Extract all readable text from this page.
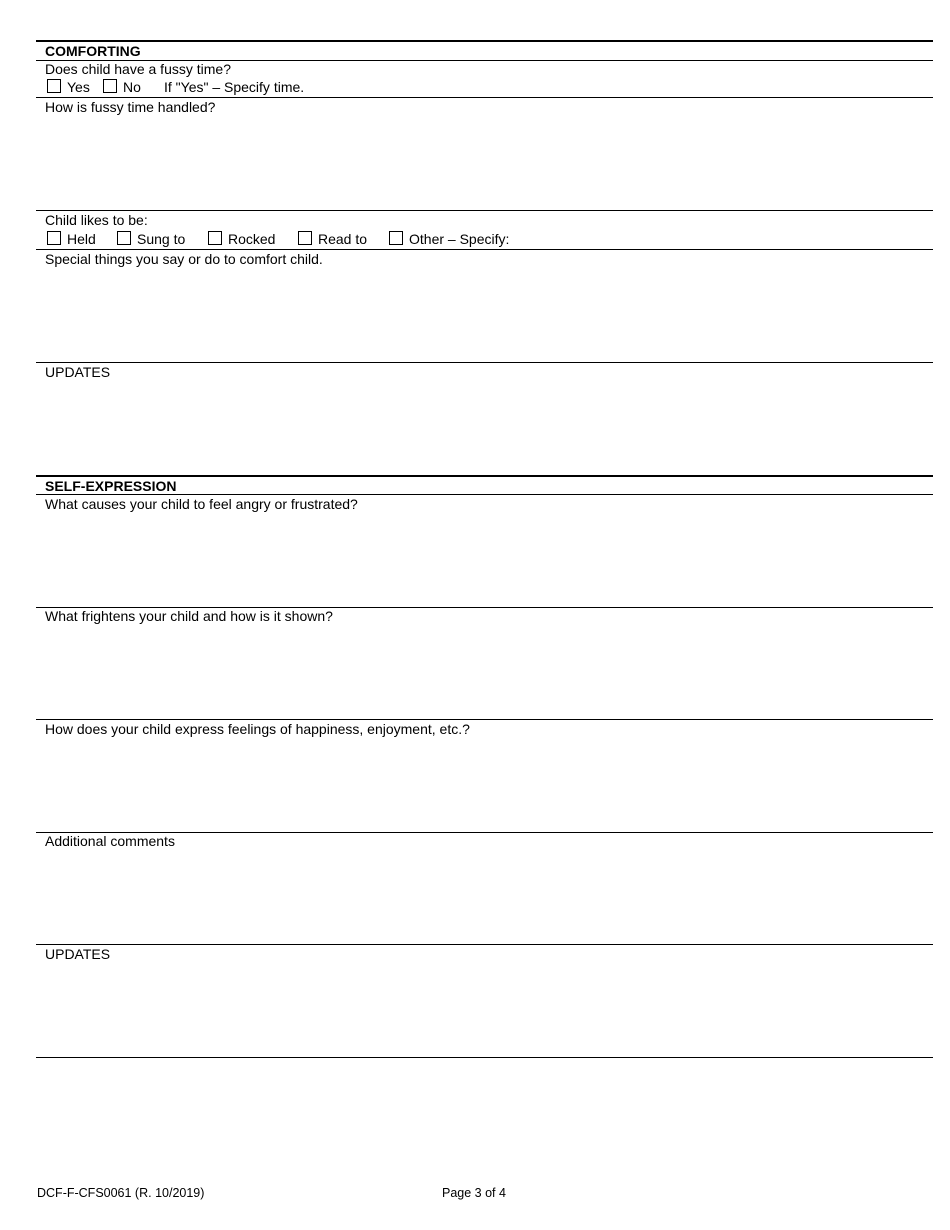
COMFORTING
Does child have a fussy time?
Yes No If "Yes" – Specify time.
How is fussy time handled?
Child likes to be:
Held	Sung to	Rocked	Read to	Other – Specify:
Special things you say or do to comfort child.
UPDATES
SELF-EXPRESSION
What causes your child to feel angry or frustrated?
What frightens your child and how is it shown?
How does your child express feelings of happiness, enjoyment, etc.?
Additional comments
UPDATES
DCF-F-CFS0061 (R. 10/2019)	Page 3 of 4
